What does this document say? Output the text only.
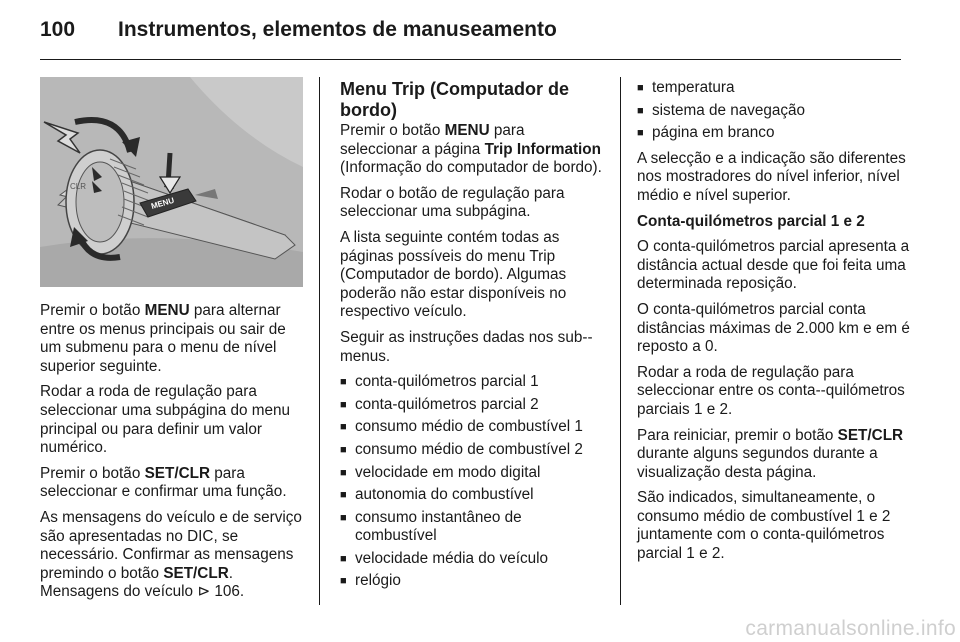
100 Instrumentos, elementos de manuseamento
CLR
MENU

Premir o botão MENU para alternar entre os menus principais ou sair de um submenu para o menu de nível superior seguinte.

Rodar a roda de regulação para seleccionar uma subpágina do menu principal ou para definir um valor numérico.

Premir o botão SET/CLR para seleccionar e confirmar uma função.

As mensagens do veículo e de serviço são apresentadas no DIC, se necessário. Confirmar as mensagens premindo o botão SET/CLR.
Mensagens do veículo ⊳ 106.

Menu Trip (Computador de bordo)

Premir o botão MENU para seleccionar a página Trip Information (Informação do computador de bordo).

Rodar o botão de regulação para seleccionar uma subpágina.

A lista seguinte contém todas as páginas possíveis do menu Trip (Computador de bordo). Algumas poderão não estar disponíveis no respectivo veículo.

Seguir as instruções dadas nos sub--menus.

■ conta-quilómetros parcial 1
■ conta-quilómetros parcial 2
■ consumo médio de combustível 1
■ consumo médio de combustível 2
■ velocidade em modo digital
■ autonomia do combustível
■ consumo instantâneo de combustível
■ velocidade média do veículo
■ relógio
■ temperatura
■ sistema de navegação
■ página em branco

A selecção e a indicação são diferentes nos mostradores do nível inferior, nível médio e nível superior.

Conta-quilómetros parcial 1 e 2

O conta-quilómetros parcial apresenta a distância actual desde que foi feita uma determinada reposição.

O conta-quilómetros parcial conta distâncias máximas de 2.000 km e em é reposto a 0.

Rodar a roda de regulação para seleccionar entre os conta--quilómetros parciais 1 e 2.

Para reiniciar, premir o botão SET/CLR durante alguns segundos durante a visualização desta página.

São indicados, simultaneamente, o consumo médio de combustível 1 e 2 juntamente com o conta-quilómetros parcial 1 e 2.

carmanualsonline.info
